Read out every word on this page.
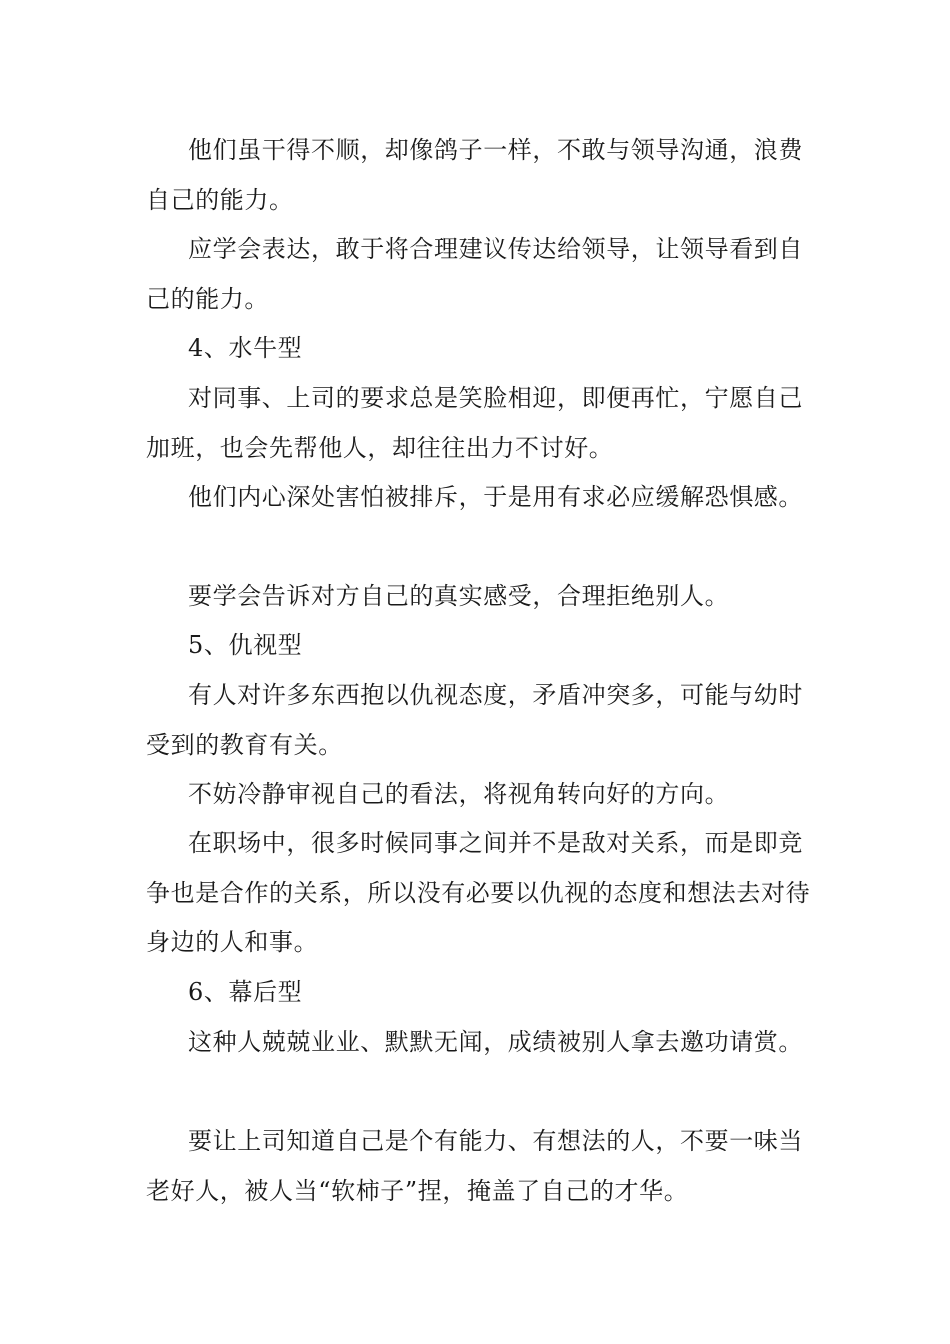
他们虽干得不顺，却像鸽子一样，不敢与领导沟通，浪费自己的能力。

应学会表达，敢于将合理建议传达给领导，让领导看到自己的能力。

4、水牛型

对同事、上司的要求总是笑脸相迎，即便再忙，宁愿自己加班，也会先帮他人，却往往出力不讨好。

他们内心深处害怕被排斥，于是用有求必应缓解恐惧感。

要学会告诉对方自己的真实感受，合理拒绝别人。

5、仇视型

有人对许多东西抱以仇视态度，矛盾冲突多，可能与幼时受到的教育有关。

不妨冷静审视自己的看法，将视角转向好的方向。

在职场中，很多时候同事之间并不是敌对关系，而是即竞争也是合作的关系，所以没有必要以仇视的态度和想法去对待身边的人和事。

6、幕后型

这种人兢兢业业、默默无闻，成绩被别人拿去邀功请赏。

要让上司知道自己是个有能力、有想法的人，不要一味当老好人，被人当“软柿子”捏，掩盖了自己的才华。
